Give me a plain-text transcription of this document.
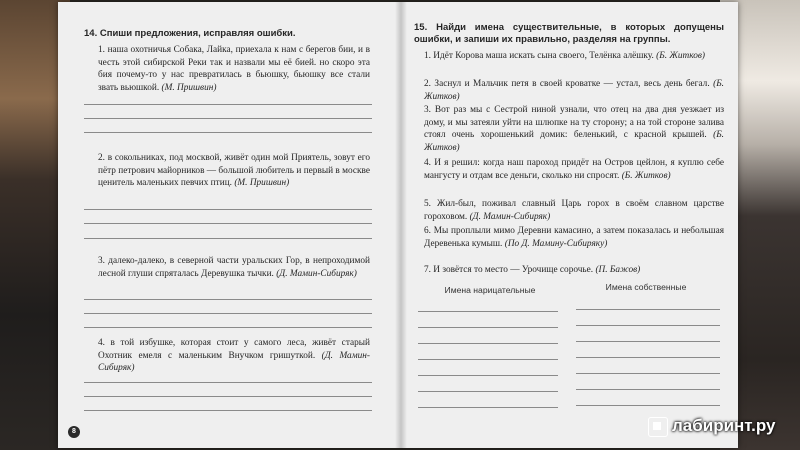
14. Спиши предложения, исправляя ошибки.
1. наша охотничья Собака, Лайка, приехала к нам с берегов бии, и в честь этой сибирской Реки так и назвали мы её бией. но скоро эта бия почему-то у нас превратилась в бьюшку, бьюшку все стали звать вьюшкой. (М. Пришвин)
2. в сокольниках, под москвой, живёт один мой Приятель, зовут его пётр петрович майорников — большой любитель и первый в москве ценитель маленьких певчих птиц. (М. Пришвин)
3. далеко-далеко, в северной части уральских Гор, в непроходимой лесной глуши спряталась Деревушка тычки. (Д. Мамин-Сибиряк)
4. в той избушке, которая стоит у самого леса, живёт старый Охотник емеля с маленьким Внучком гришуткой. (Д. Мамин-Сибиряк)
8
15. Найди имена существительные, в которых допущены ошибки, и запиши их правильно, разделяя на группы.
1. Идёт Корова маша искать сына своего, Телёнка алёшку. (Б. Житков)
2. Заснул и Мальчик петя в своей кроватке — устал, весь день бегал. (Б. Житков)
3. Вот раз мы с Сестрой ниной узнали, что отец на два дня уезжает из дому, и мы затеяли уйти на шлюпке на ту сторону; а на той стороне залива стоял очень хорошенький домик: беленький, с красной крышей. (Б. Житков)
4. И я решил: когда наш пароход придёт на Остров цейлон, я куплю себе мангусту и отдам все деньги, сколько ни спросят. (Б. Житков)
5. Жил-был, поживал славный Царь горох в своём славном царстве гороховом. (Д. Мамин-Сибиряк)
6. Мы проплыли мимо Деревни камасино, а затем показалась и небольшая Деревенька кумыш. (По Д. Мамину-Сибиряку)
7. И зовётся то место — Урочище сорочье. (П. Бажов)
Имена нарицательные	Имена собственные
лабиринт.ру
